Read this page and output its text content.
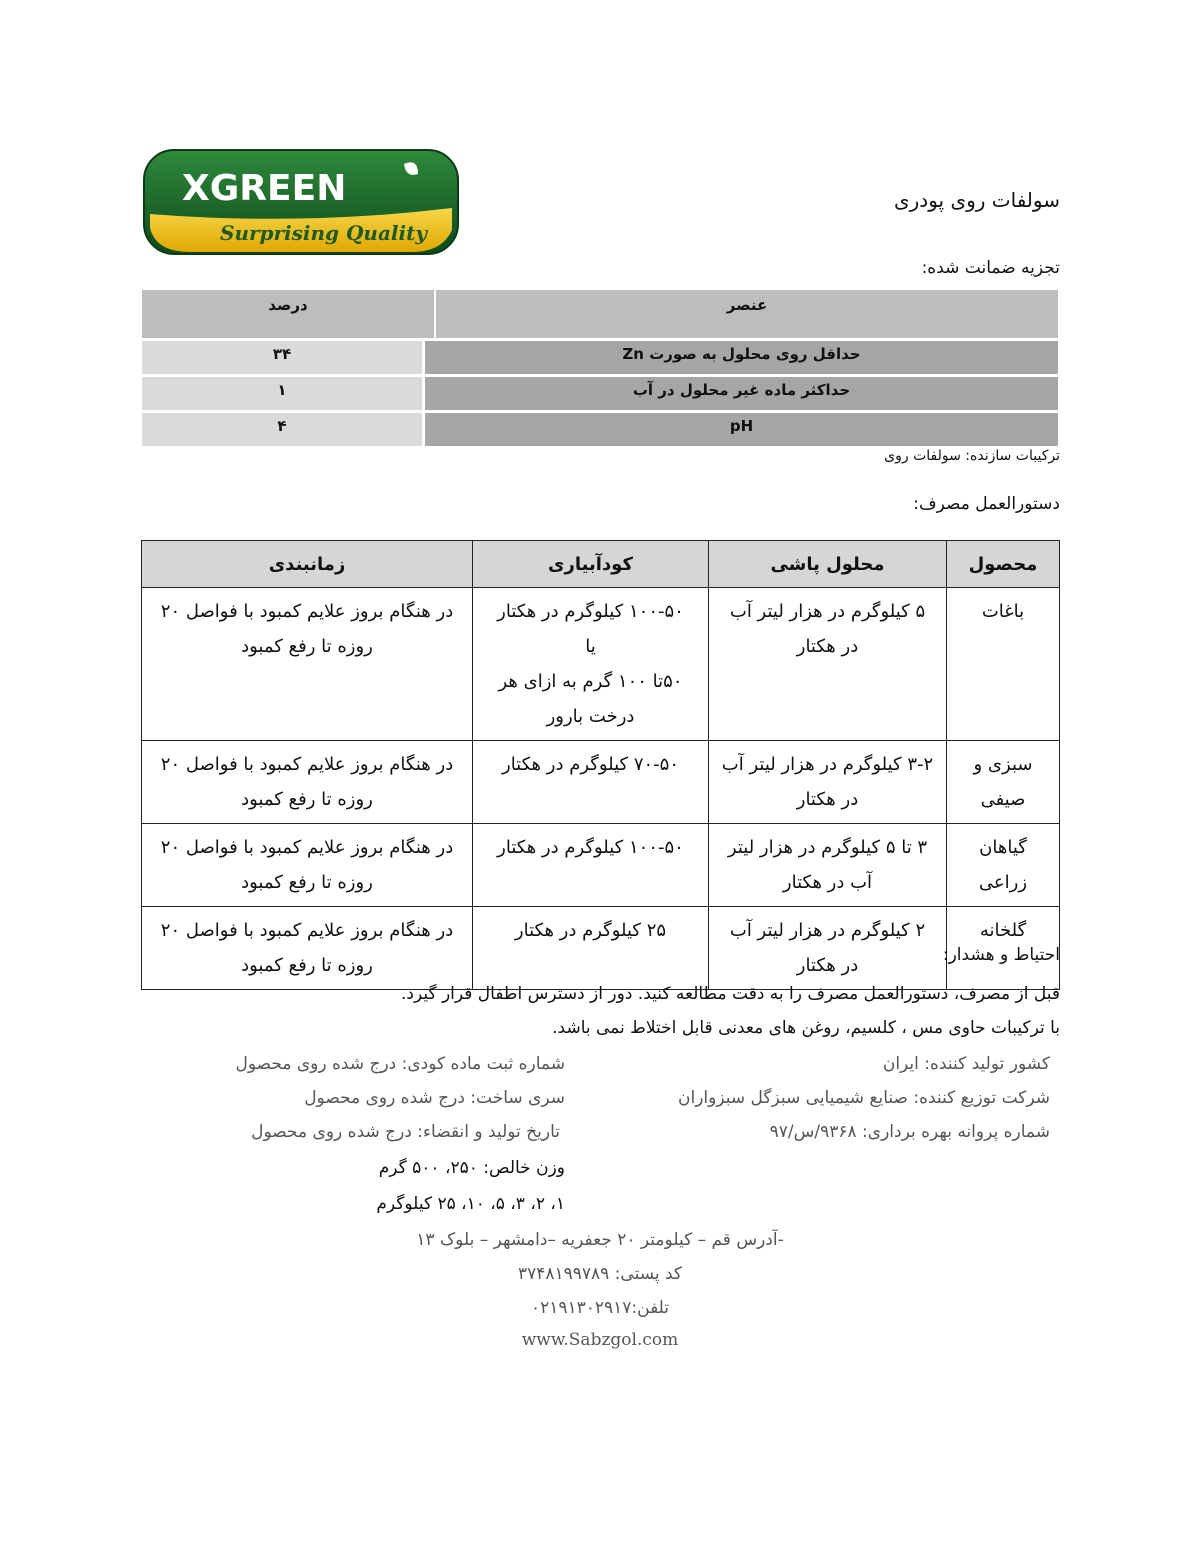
XGREEN
Surprising Quality
سولفات روی پودری
تجزیه ضمانت شده:
درصد	عنصر
۳۴	حداقل روی محلول به صورت Zn
۱	حداکثر ماده غیر محلول در آب
۴	pH
ترکیبات سازنده: سولفات روی
دستورالعمل مصرف:
محصول	محلول پاشی	کودآبیاری	زمانبندی
باغات	۵ کیلوگرم در هزار لیتر آب در هکتار	۱۰۰-۵۰ کیلوگرم در هکتار
یا
۵۰تا ۱۰۰ گرم به ازای هر درخت بارور	در هنگام بروز علایم کمبود با فواصل ۲۰ روزه تا رفع کمبود
سبزی و صیفی	۳-۲ کیلوگرم در هزار لیتر آب در هکتار	۷۰-۵۰ کیلوگرم در هکتار	در هنگام بروز علایم کمبود با فواصل ۲۰ روزه تا رفع کمبود
گیاهان زراعی	۳ تا ۵ کیلوگرم در هزار لیتر آب در هکتار	۱۰۰-۵۰ کیلوگرم در هکتار	در هنگام بروز علایم کمبود با فواصل ۲۰ روزه تا رفع کمبود
گلخانه	۲ کیلوگرم در هزار لیتر آب در هکتار	۲۵ کیلوگرم در هکتار	در هنگام بروز علایم کمبود با فواصل ۲۰ روزه تا رفع کمبود	احتیاط و هشدار:
قبل از مصرف، دستورالعمل مصرف را به دقت مطالعه کنید. دور از دسترس اطفال قرار گیرد.
با ترکیبات حاوی مس ، کلسیم، روغن های معدنی قابل اختلاط نمی باشد.
کشور تولید کننده: ایران
شرکت توزیع کننده: صنایع شیمیایی سبزگل سبزواران
شماره پروانه بهره برداری: ۹۳۶۸/س/۹۷
شماره ثبت ماده کودی: درج شده روی محصول
سری ساخت: درج شده روی محصول
تاریخ تولید و انقضاء: درج شده روی محصول
وزن خالص: ۲۵۰، ۵۰۰ گرم
۱، ۲، ۳، ۵، ۱۰، ۲۵ کیلوگرم
-آدرس قم – کیلومتر ۲۰ جعفریه –دامشهر – بلوک ۱۳
کد پستی: ۳۷۴۸۱۹۹۷۸۹
تلفن:۰۲۱۹۱۳۰۲۹۱۷
www.Sabzgol.com
